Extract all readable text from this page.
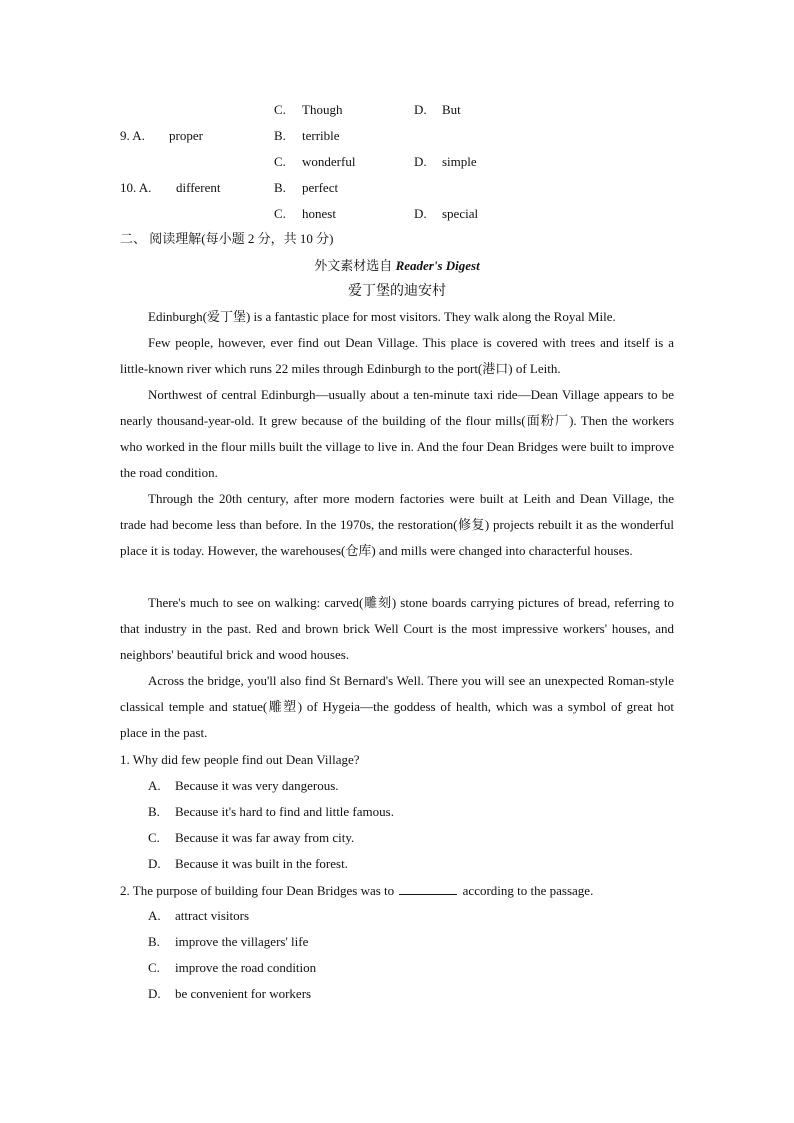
C. Though	D. But
9. A. proper	B. terrible
C. wonderful	D. simple
10. A. different	B. perfect
C. honest	D. special
二、 阅读理解(每小题 2 分，共 10 分)
外文素材选自 Reader's Digest
爱丁堡的迪安村

Edinburgh(爱丁堡) is a fantastic place for most visitors. They walk along the Royal Mile.

Few people, however, ever find out Dean Village. This place is covered with trees and itself is a little-known river which runs 22 miles through Edinburgh to the port(港口) of Leith.

Northwest of central Edinburgh—usually about a ten-minute taxi ride—Dean Village appears to be nearly thousand-year-old. It grew because of the building of the flour mills(面粉厂). Then the workers who worked in the flour mills built the village to live in. And the four Dean Bridges were built to improve the road condition.

Through the 20th century, after more modern factories were built at Leith and Dean Village, the trade had become less than before. In the 1970s, the restoration(修复) projects rebuilt it as the wonderful place it is today. However, the warehouses(仓库) and mills were changed into characterful houses.

There's much to see on walking: carved(雕刻) stone boards carrying pictures of bread, referring to that industry in the past. Red and brown brick Well Court is the most impressive workers' houses, and neighbors' beautiful brick and wood houses.

Across the bridge, you'll also find St Bernard's Well. There you will see an unexpected Roman-style classical temple and statue(雕塑) of Hygeia—the goddess of health, which was a symbol of great hot place in the past.

1. Why did few people find out Dean Village?
A. Because it was very dangerous.
B. Because it's hard to find and little famous.
C. Because it was far away from city.
D. Because it was built in the forest.
2. The purpose of building four Dean Bridges was to	according to the passage.
A. attract visitors
B. improve the villagers' life
C. improve the road condition
D. be convenient for workers
